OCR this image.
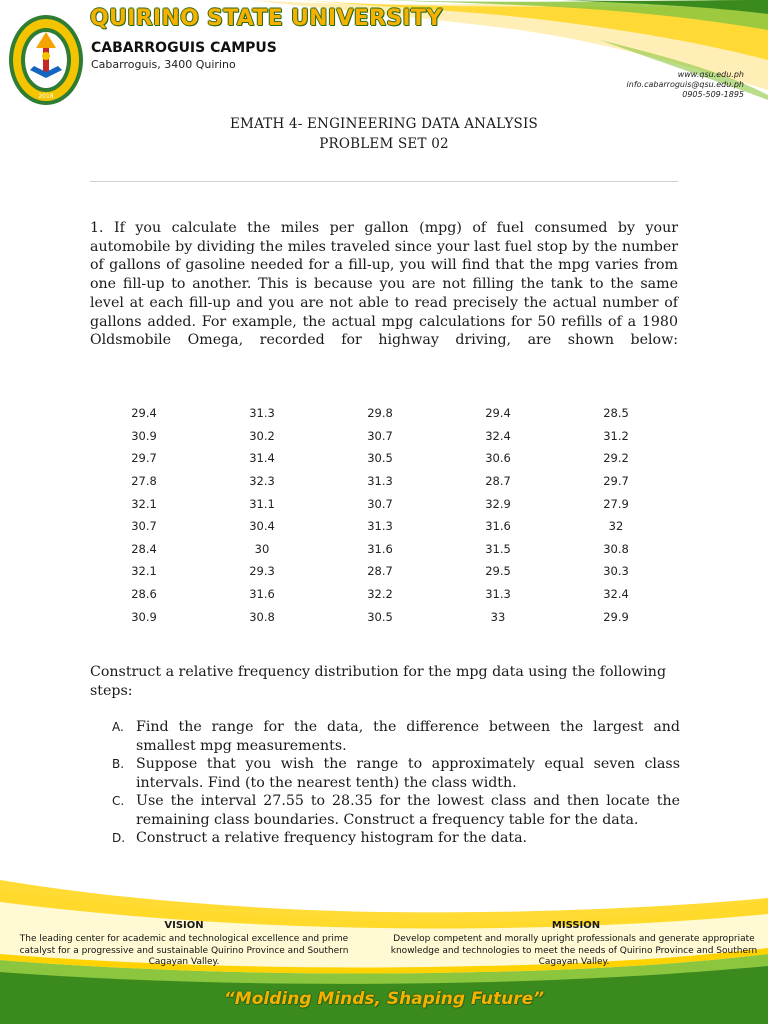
2018
QUIRINO STATE UNIVERSITY
CABARROGUIS CAMPUS
Cabarroguis, 3400 Quirino
www.qsu.edu.ph
info.cabarroguis@qsu.edu.ph
0905-509-1895
EMATH 4- ENGINEERING DATA ANALYSIS
PROBLEM SET 02
1. If you calculate the miles per gallon (mpg) of fuel consumed by your automobile by dividing the miles traveled since your last fuel stop by the number of gallons of gasoline needed for a fill-up, you will find that the mpg varies from one fill-up to another. This is because you are not filling the tank to the same level at each fill-up and you are not able to read precisely the actual number of gallons added. For example, the actual mpg calculations for 50 refills of a 1980 Oldsmobile Omega, recorded for highway driving, are shown below:
29.4	31.3	29.8	29.4	28.5
30.9	30.2	30.7	32.4	31.2
29.7	31.4	30.5	30.6	29.2
27.8	32.3	31.3	28.7	29.7
32.1	31.1	30.7	32.9	27.9
30.7	30.4	31.3	31.6	32
28.4	30	31.6	31.5	30.8
32.1	29.3	28.7	29.5	30.3
28.6	31.6	32.2	31.3	32.4
30.9	30.8	30.5	33	29.9
Construct a relative frequency distribution for the mpg data using the following steps:
A. Find the range for the data, the difference between the largest and smallest mpg measurements.
B. Suppose that you wish the range to approximately equal seven class intervals. Find (to the nearest tenth) the class width.
C. Use the interval 27.55 to 28.35 for the lowest class and then locate the remaining class boundaries. Construct a frequency table for the data.
D. Construct a relative frequency histogram for the data.
VISION
The leading center for academic and technological excellence and prime catalyst for a progressive and sustainable Quirino Province and Southern Cagayan Valley.
MISSION
Develop competent and morally upright professionals and generate appropriate knowledge and technologies to meet the needs of Quirino Province and Southern Cagayan Valley.
“Molding Minds, Shaping Future”
